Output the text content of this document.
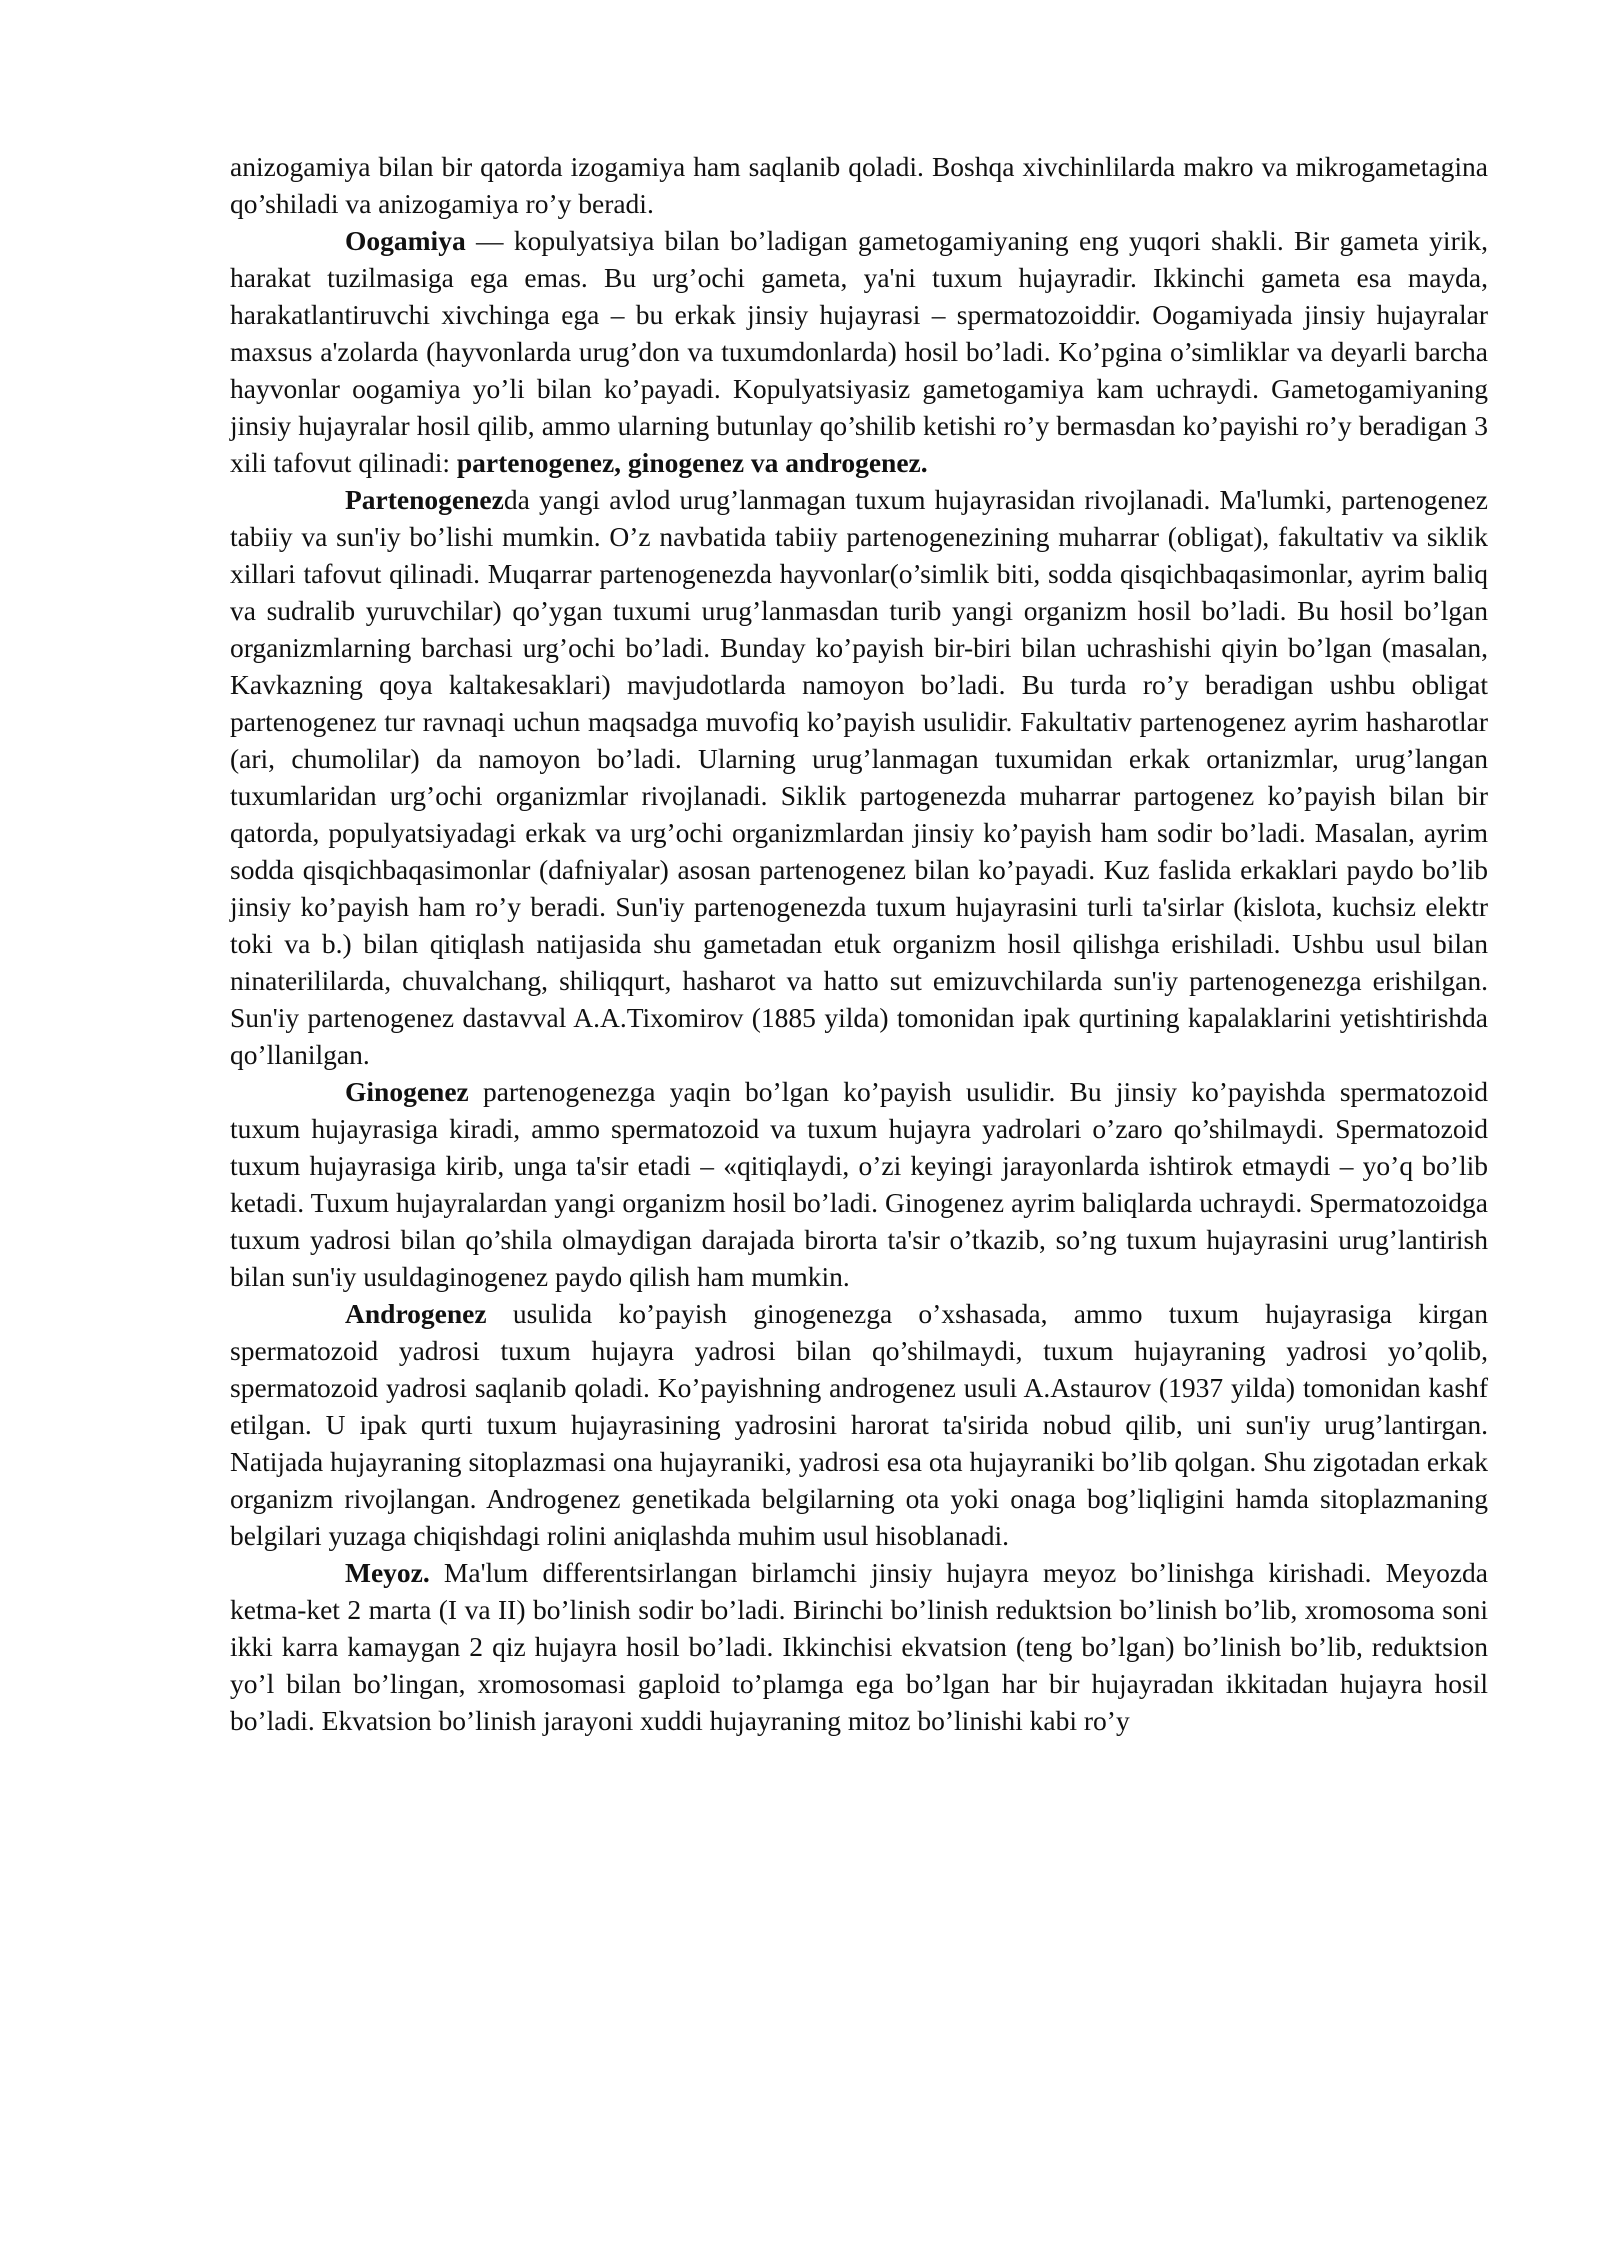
anizogamiya bilan bir qatorda izogamiya ham saqlanib qoladi. Boshqa xivchinlilarda makro va mikrogametagina qo’shiladi va anizogamiya ro’y beradi.

Oogamiya — kopulyatsiya bilan bo’ladigan gametogamiyaning eng yuqori shakli. Bir gameta yirik, harakat tuzilmasiga ega emas. Bu urg’ochi gameta, ya'ni tuxum hujayradir. Ikkinchi gameta esa mayda, harakatlantiruvchi xivchinga ega – bu erkak jinsiy hujayrasi – spermatozoiddir. Oogamiyada jinsiy hujayralar maxsus a'zolarda (hayvonlarda urug’don va tuxumdonlarda) hosil bo’ladi. Ko’pgina o’simliklar va deyarli barcha hayvonlar oogamiya yo’li bilan ko’payadi. Kopulyatsiyasiz gametogamiya kam uchraydi. Gametogamiyaning jinsiy hujayralar hosil qilib, ammo ularning butunlay qo’shilib ketishi ro’y bermasdan ko’payishi ro’y beradigan 3 xili tafovut qilinadi: partenogenez, ginogenez va androgenez.

Partenogenezda yangi avlod urug’lanmagan tuxum hujayrasidan rivojlanadi. Ma'lumki, partenogenez tabiiy va sun'iy bo’lishi mumkin. O’z navbatida tabiiy partenogenezining muharrar (obligat), fakultativ va siklik xillari tafovut qilinadi. Muqarrar partenogenezda hayvonlar(o’simlik biti, sodda qisqichbaqasimonlar, ayrim baliq va sudralib yuruvchilar) qo’ygan tuxumi urug’lanmasdan turib yangi organizm hosil bo’ladi. Bu hosil bo’lgan organizmlarning barchasi urg’ochi bo’ladi. Bunday ko’payish bir-biri bilan uchrashishi qiyin bo’lgan (masalan, Kavkazning qoya kaltakesaklari) mavjudotlarda namoyon bo’ladi. Bu turda ro’y beradigan ushbu obligat partenogenez tur ravnaqi uchun maqsadga muvofiq ko’payish usulidir. Fakultativ partenogenez ayrim hasharotlar (ari, chumolilar) da namoyon bo’ladi. Ularning urug’lanmagan tuxumidan erkak ortanizmlar, urug’langan tuxumlaridan urg’ochi organizmlar rivojlanadi. Siklik partogenezda muharrar partogenez ko’payish bilan bir qatorda, populyatsiyadagi erkak va urg’ochi organizmlardan jinsiy ko’payish ham sodir bo’ladi. Masalan, ayrim sodda qisqichbaqasimonlar (dafniyalar) asosan partenogenez bilan ko’payadi. Kuz faslida erkaklari paydo bo’lib jinsiy ko’payish ham ro’y beradi. Sun'iy partenogenezda tuxum hujayrasini turli ta'sirlar (kislota, kuchsiz elektr toki va b.) bilan qitiqlash natijasida shu gametadan etuk organizm hosil qilishga erishiladi. Ushbu usul bilan ninaterililarda, chuvalchang, shiliqqurt, hasharot va hatto sut emizuvchilarda sun'iy partenogenezga erishilgan. Sun'iy partenogenez dastavval A.A.Tixomirov (1885 yilda) tomonidan ipak qurtining kapalaklarini yetishtirishda qo’llanilgan.

Ginogenez partenogenezga yaqin bo’lgan ko’payish usulidir. Bu jinsiy ko’payishda spermatozoid tuxum hujayrasiga kiradi, ammo spermatozoid va tuxum hujayra yadrolari o’zaro qo’shilmaydi. Spermatozoid tuxum hujayrasiga kirib, unga ta'sir etadi – «qitiqlaydi, o’zi keyingi jarayonlarda ishtirok etmaydi – yo’q bo’lib ketadi. Tuxum hujayralardan yangi organizm hosil bo’ladi. Ginogenez ayrim baliqlarda uchraydi. Spermatozoidga tuxum yadrosi bilan qo’shila olmaydigan darajada birorta ta'sir o’tkazib, so’ng tuxum hujayrasini urug’lantirish bilan sun'iy usuldaginogenez paydo qilish ham mumkin.

Androgenez usulida ko’payish ginogenezga o’xshasada, ammo tuxum hujayrasiga kirgan spermatozoid yadrosi tuxum hujayra yadrosi bilan qo’shilmaydi, tuxum hujayraning yadrosi yo’qolib, spermatozoid yadrosi saqlanib qoladi. Ko’payishning androgenez usuli A.Astaurov (1937 yilda) tomonidan kashf etilgan. U ipak qurti tuxum hujayrasining yadrosini harorat ta'sirida nobud qilib, uni sun'iy urug’lantirgan. Natijada hujayraning sitoplazmasi ona hujayraniki, yadrosi esa ota hujayraniki bo’lib qolgan. Shu zigotadan erkak organizm rivojlangan. Androgenez genetikada belgilarning ota yoki onaga bog’liqligini hamda sitoplazmaning belgilari yuzaga chiqishdagi rolini aniqlashda muhim usul hisoblanadi.

Meyoz. Ma'lum differentsirlangan birlamchi jinsiy hujayra meyoz bo’linishga kirishadi. Meyozda ketma-ket 2 marta (I va II) bo’linish sodir bo’ladi. Birinchi bo’linish reduktsion bo’linish bo’lib, xromosoma soni ikki karra kamaygan 2 qiz hujayra hosil bo’ladi. Ikkinchisi ekvatsion (teng bo’lgan) bo’linish bo’lib, reduktsion yo’l bilan bo’lingan, xromosomasi gaploid to’plamga ega bo’lgan har bir hujayradan ikkitadan hujayra hosil bo’ladi. Ekvatsion bo’linish jarayoni xuddi hujayraning mitoz bo’linishi kabi ro’y
